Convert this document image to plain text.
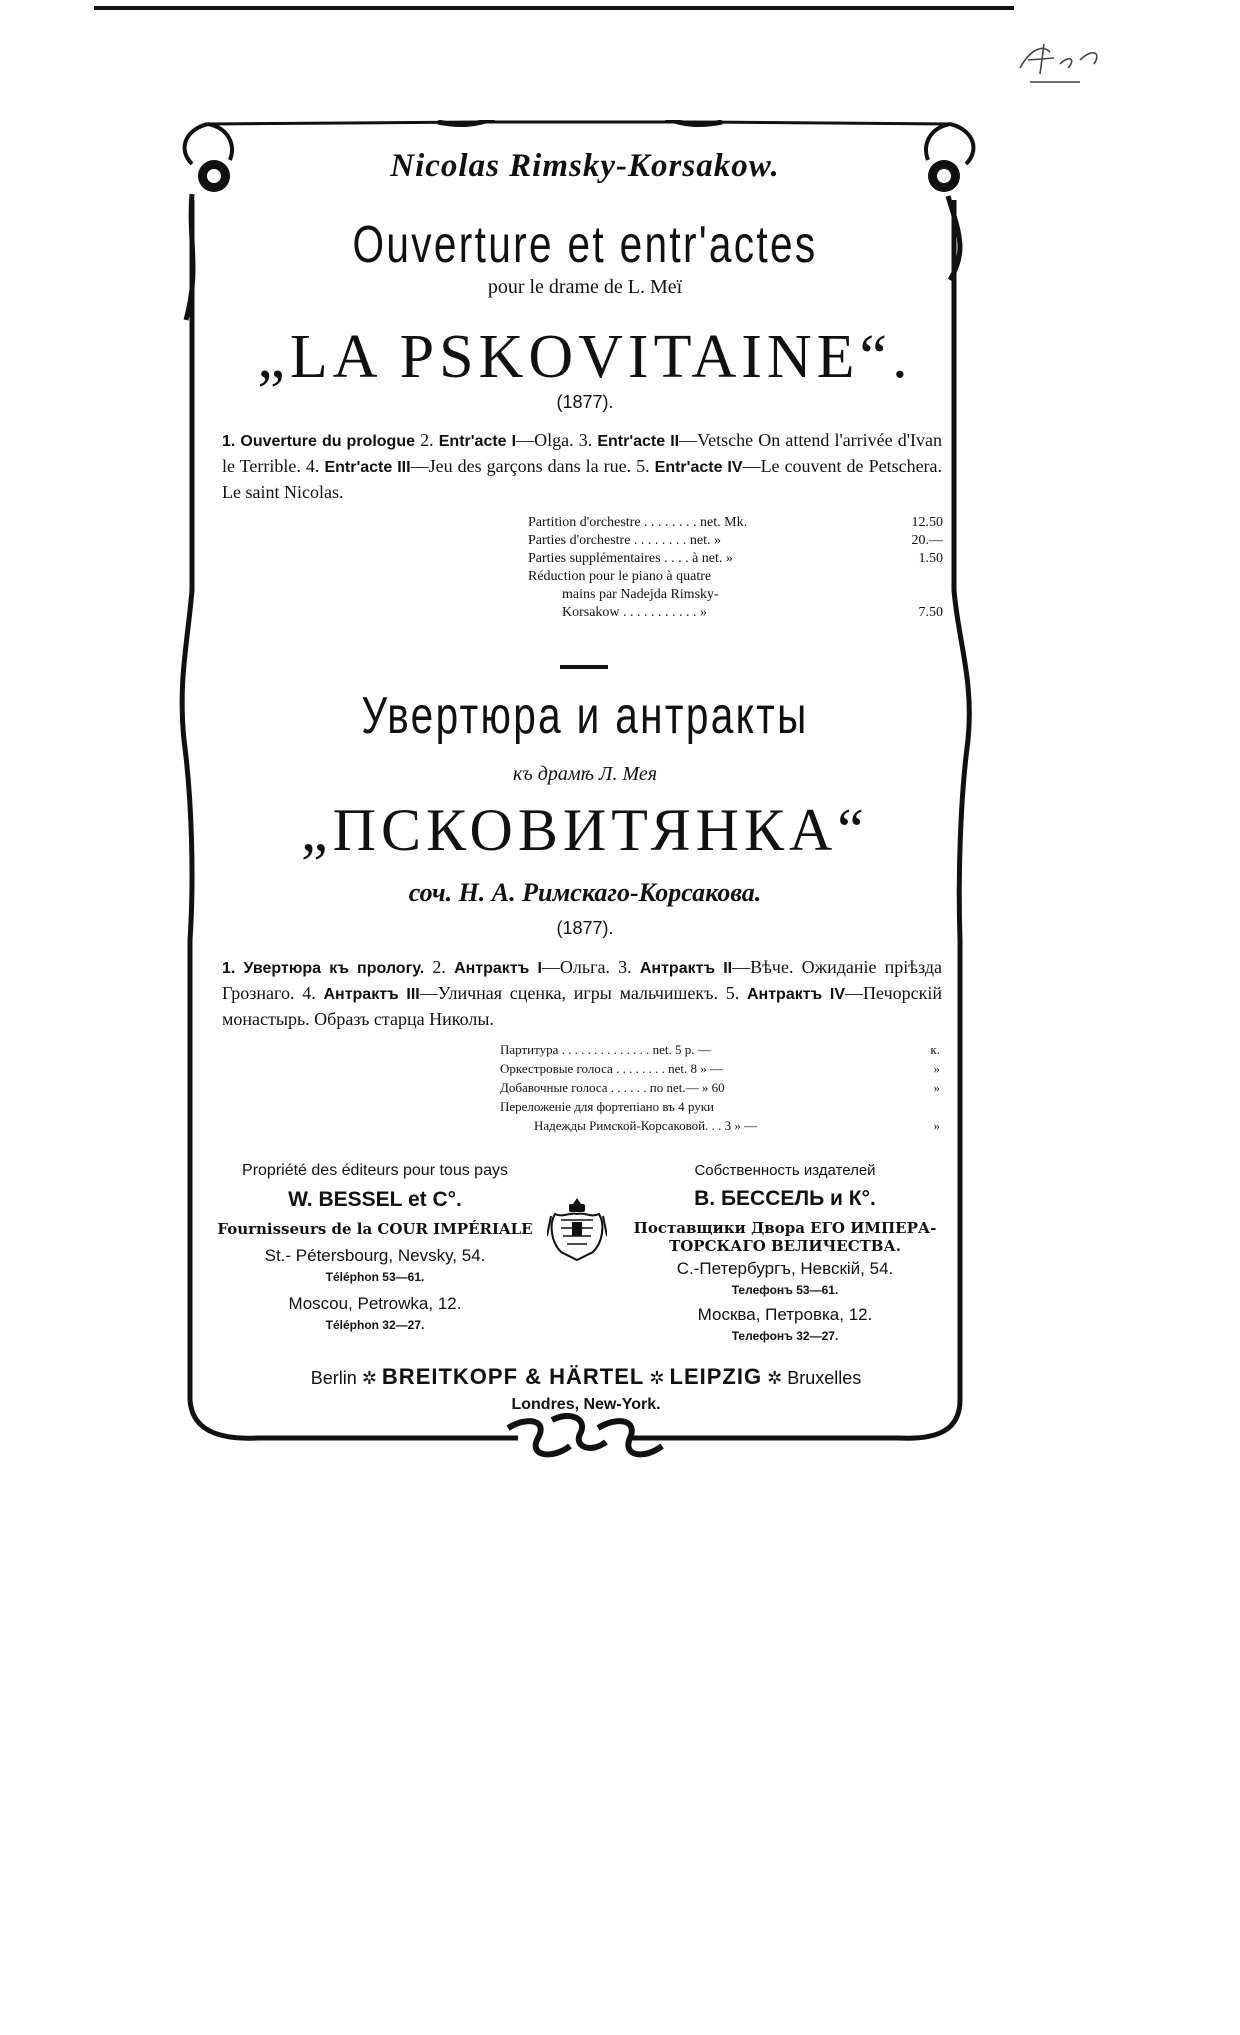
Nicolas Rimsky-Korsakow.
Ouverture et entr'actes
pour le drame de L. Meï
„LA PSKOVITAINE“.
(1877).
1. Ouverture du prologue 2. Entr'acte I—Olga. 3. Entr'acte II—Vetsche On attend l'arrivée d'Ivan le Terrible. 4. Entr'acte III—Jeu des garçons dans la rue. 5. Entr'acte IV—Le couvent de Petschera. Le saint Nicolas.
Partition d'orchestre . . . . . . . . net. Mk.	12.50
Parties d'orchestre . . . . . . . . net. »	20.—
Parties supplémentaires . . . . à net. »	1.50
Réduction pour le piano à quatre
mains par Nadejda Rimsky-
Korsakow . . . . . . . . . . . »	7.50
Увертюра и антракты
къ драмѣ Л. Мея
„ПСКОВИТЯНКА“
соч. Н. А. Римскаго-Корсакова.
(1877).
1. Увертюра къ прологу. 2. Антрактъ I—Ольга. 3. Антрактъ II—Вѣче. Ожиданіе пріѣзда Грознаго. 4. Антрактъ III—Уличная сценка, игры мальчишекъ. 5. Антрактъ IV—Печорскій монастырь. Образъ старца Николы.
Партитура . . . . . . . . . . . . . . net. 5 р. —	к.
Оркестровые голоса . . . . . . . . net. 8 » —	»
Добавочные голоса . . . . . . по net.— » 60	»
Переложеніе для фортепіано въ 4 руки
Надежды Римской-Корсаковой. . . 3 » —	»
Propriété des éditeurs pour tous pays
W. BESSEL et C°.
Fournisseurs de la COUR IMPÉRIALE
St.- Pétersbourg, Nevsky, 54.
Téléphon 53—61.
Moscou, Petrowka, 12.
Téléphon 32—27.
Собственность издателей
В. БЕССЕЛЬ и К°.
Поставщики Двора ЕГО ИМПЕРА-
ТОРСКАГО ВЕЛИЧЕСТВА.
С.-Петербургъ, Невскій, 54.
Телефонъ 53—61.
Москва, Петровка, 12.
Телефонъ 32—27.
Berlin ✲ BREITKOPF & HÄRTEL ✲ LEIPZIG ✲ Bruxelles
Londres, New-York.
